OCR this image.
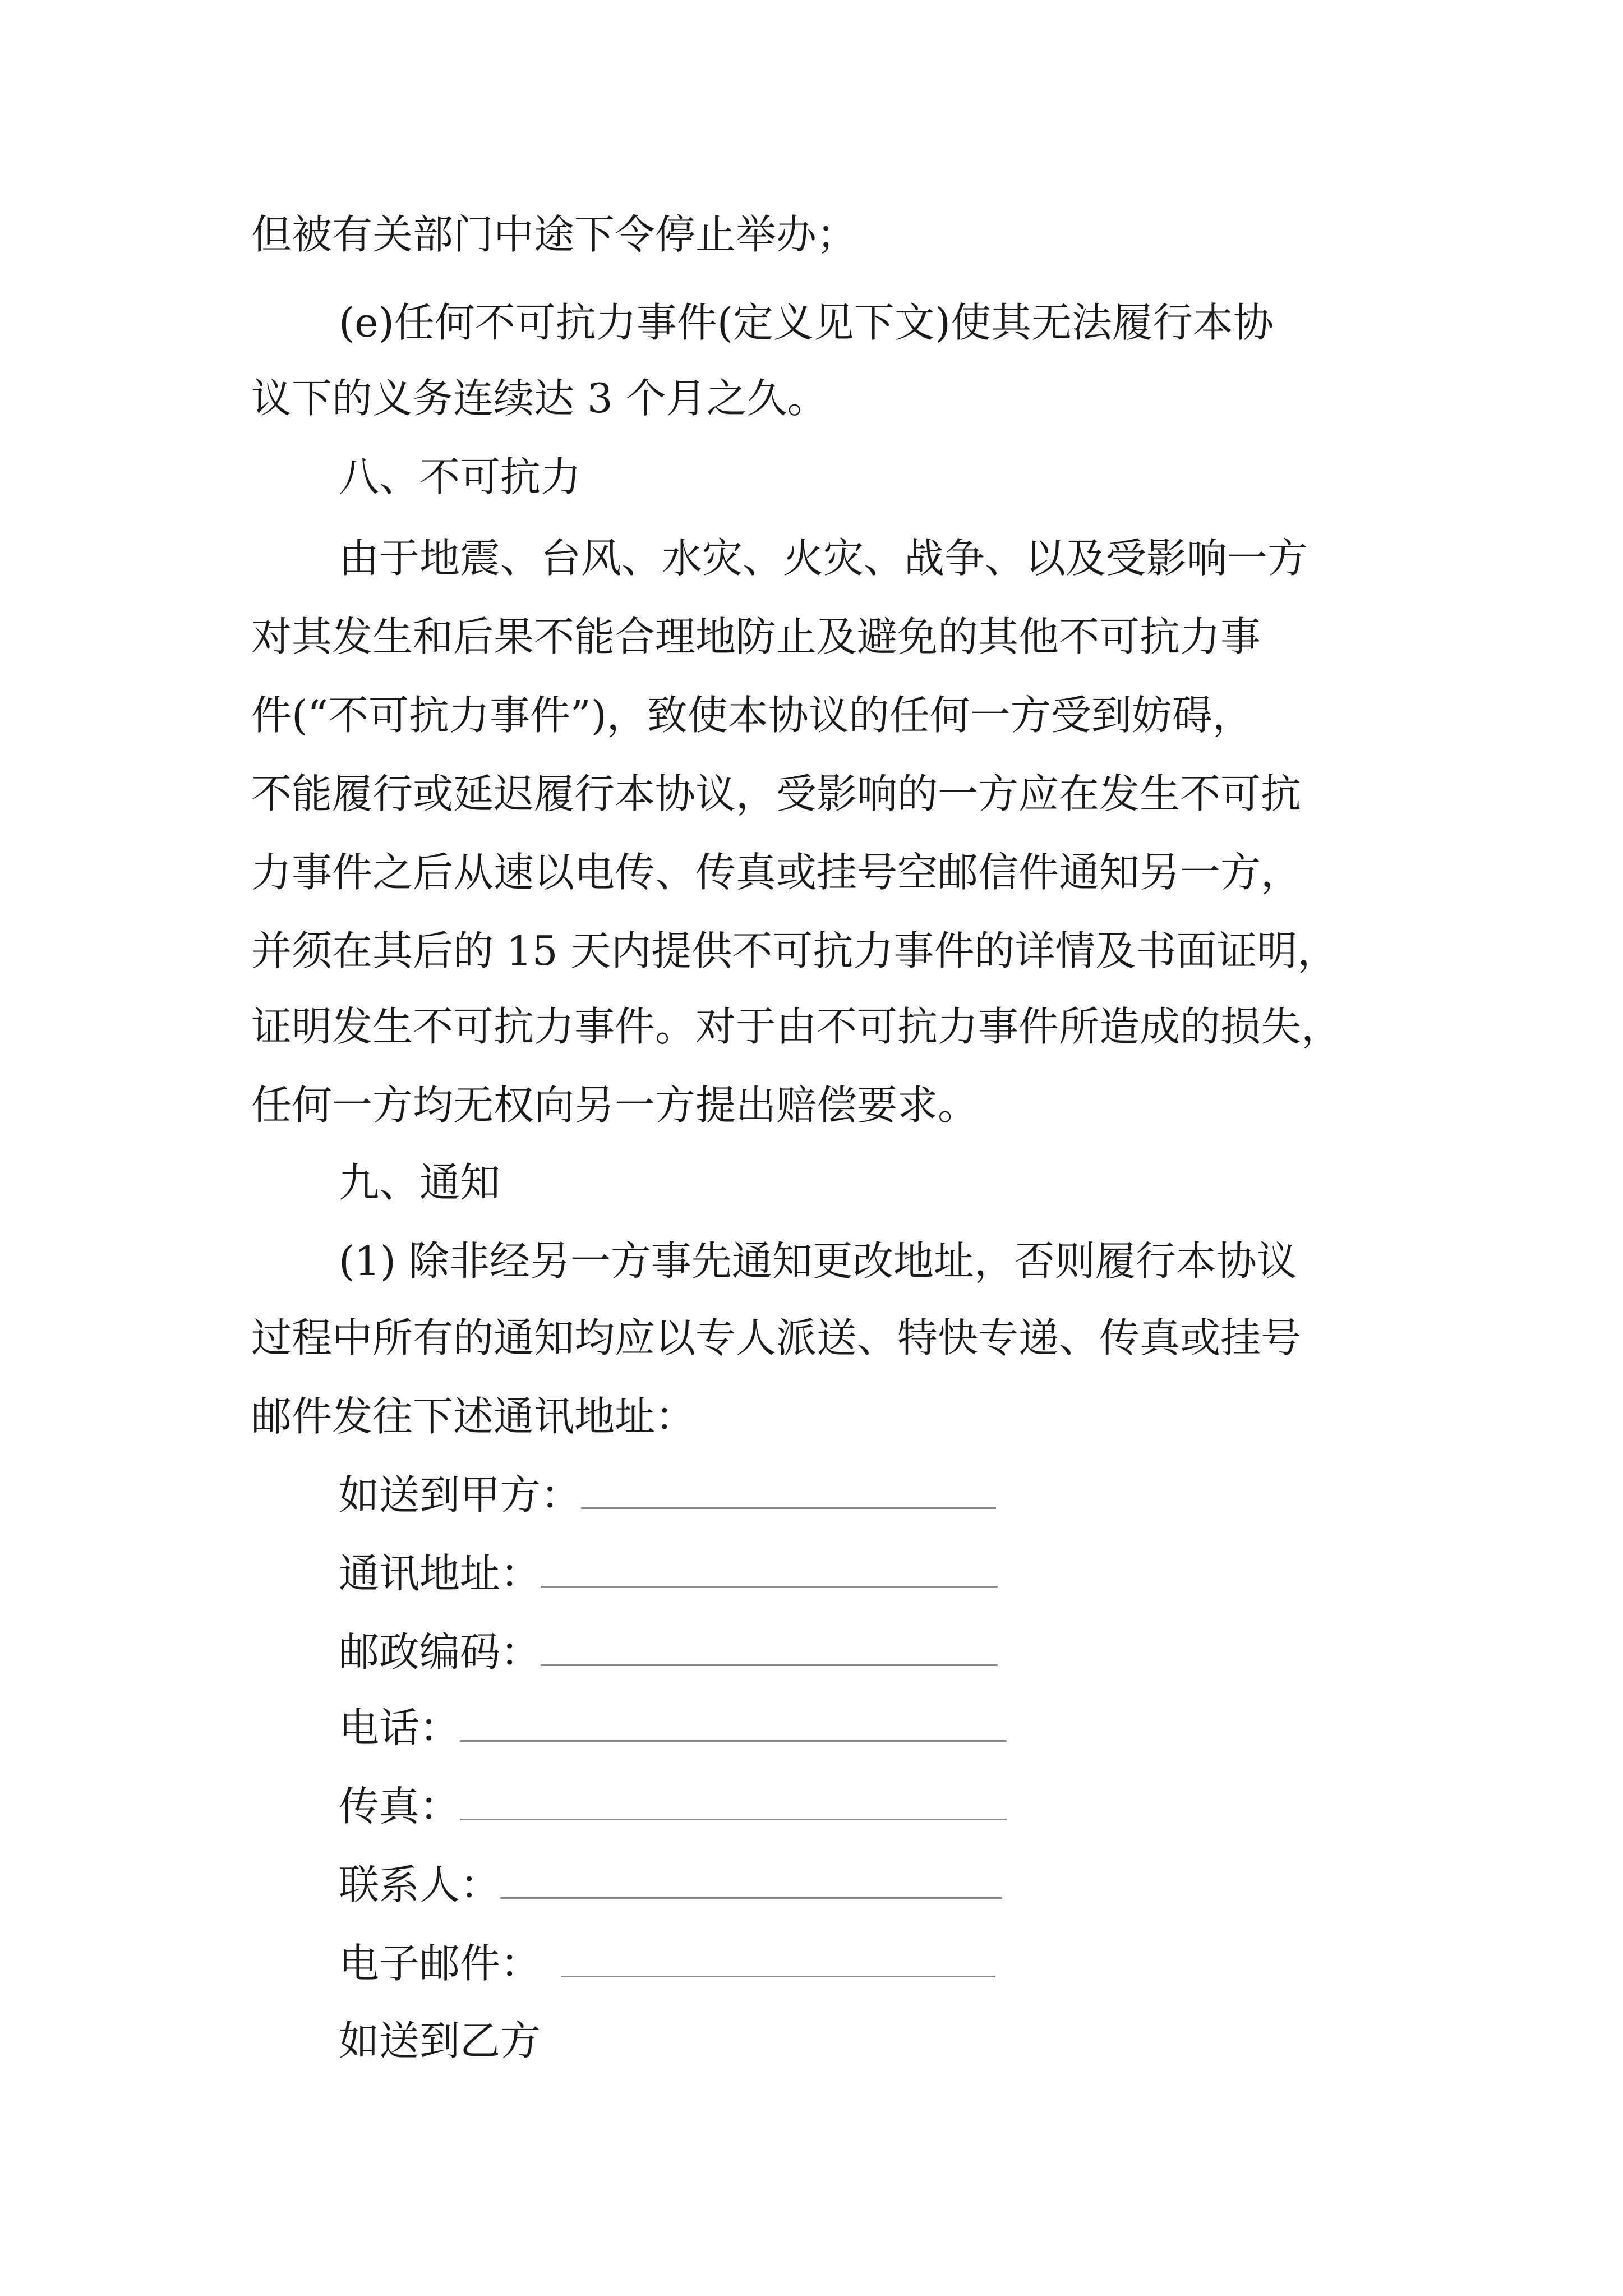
但被有关部门中途下令停止举办；
(e)任何不可抗力事件(定义见下文)使其无法履行本协
议下的义务连续达 3 个月之久。
八、不可抗力
由于地震、台风、水灾、火灾、战争、以及受影响一方
对其发生和后果不能合理地防止及避免的其他不可抗力事
件(“不可抗力事件”)，致使本协议的任何一方受到妨碍，
不能履行或延迟履行本协议，受影响的一方应在发生不可抗
力事件之后从速以电传、传真或挂号空邮信件通知另一方，
并须在其后的 15 天内提供不可抗力事件的详情及书面证明，
证明发生不可抗力事件。对于由不可抗力事件所造成的损失，
任何一方均无权向另一方提出赔偿要求。
九、通知
(1) 除非经另一方事先通知更改地址，否则履行本协议
过程中所有的通知均应以专人派送、特快专递、传真或挂号
邮件发往下述通讯地址：
如送到甲方：
通讯地址：
邮政编码：
电话：
传真：
联系人：
电子邮件：
如送到乙方
